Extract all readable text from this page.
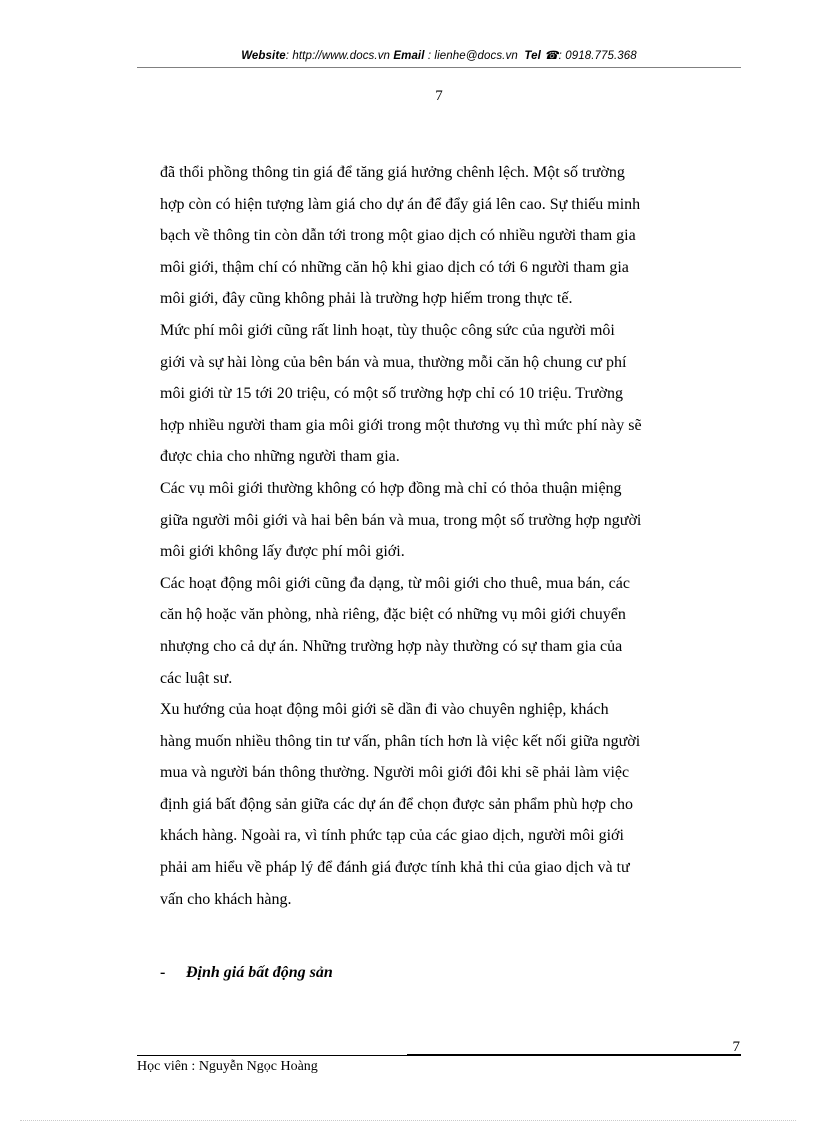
Website: http://www.docs.vn Email : lienhe@docs.vn Tel ☎: 0918.775.368
7
đã thổi phồng thông tin giá để tăng giá hưởng chênh lệch. Một số trường
hợp còn có hiện tượng làm giá cho dự án để đẩy giá lên cao. Sự thiếu minh
bạch về thông tin còn dẫn tới trong một giao dịch có nhiều người tham gia
môi giới, thậm chí có những căn hộ khi giao dịch có tới 6 người tham gia
môi giới, đây cũng không phải là trường hợp hiếm trong thực tế.
Mức phí môi giới cũng rất linh hoạt, tùy thuộc công sức của người môi
giới và sự hài lòng của bên bán và mua, thường mỗi căn hộ chung cư phí
môi giới từ 15 tới 20 triệu, có một số trường hợp chỉ có 10 triệu. Trường
hợp nhiều người tham gia môi giới trong một thương vụ thì mức phí này sẽ
được chia cho những người tham gia.
Các vụ môi giới thường không có hợp đồng mà chỉ có thỏa thuận miệng
giữa người môi giới và hai bên bán và mua, trong một số trường hợp người
môi giới không lấy được phí môi giới.
Các hoạt động môi giới cũng đa dạng, từ môi giới cho thuê, mua bán, các
căn hộ hoặc văn phòng, nhà riêng, đặc biệt có những vụ môi giới chuyển
nhượng cho cả dự án. Những trường hợp này thường có sự tham gia của
các luật sư.
Xu hướng của hoạt động môi giới sẽ dần đi vào chuyên nghiệp, khách
hàng muốn nhiều thông tin tư vấn, phân tích hơn là việc kết nối giữa người
mua và người bán thông thường. Người môi giới đôi khi sẽ phải làm việc
định giá bất động sản giữa các dự án để chọn được sản phẩm phù hợp cho
khách hàng. Ngoài ra, vì tính phức tạp của các giao dịch, người môi giới
phải am hiểu về pháp lý để đánh giá được tính khả thi của giao dịch và tư
vấn cho khách hàng.
- Định giá bất động sản
7
Học viên : Nguyễn Ngọc Hoàng
